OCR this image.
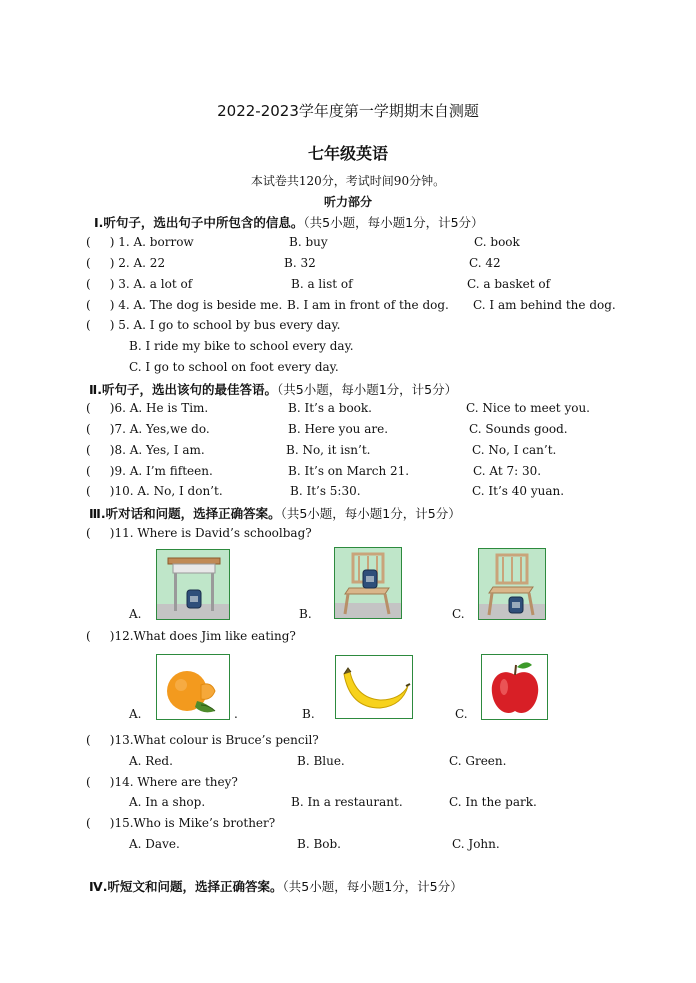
2022-2023学年度第一学期期末自测题
七年级英语
本试卷共120分，考试时间90分钟。
听力部分
Ⅰ.听句子，选出句子中所包含的信息。（共5小题，每小题1分，计5分）
(     ) 1. A. borrow	B. buy	C. book
(     ) 2. A. 22	B. 32	C. 42
(     ) 3. A. a lot of	B. a list of	C. a basket of
(     ) 4. A. The dog is beside me. B. I am in front of the dog. C. I am behind the dog.
(     ) 5. A. I go to school by bus every day.
B. I ride my bike to school every day.
C. I go to school on foot every day.
Ⅱ.听句子，选出该句的最佳答语。（共5小题，每小题1分，计5分）
(     )6. A. He is Tim.	B. It’s a book.	C. Nice to meet you.
(     )7. A. Yes,we do.	B. Here you are.	C. Sounds good.
(     )8. A. Yes, I am.	B. No, it isn’t.	C. No, I can’t.
(     )9. A. I’m fifteen.	B. It’s on March 21.	C. At 7: 30.
(     )10. A. No, I don’t.	B. It’s 5:30.	C. It’s 40 yuan.
Ⅲ.听对话和问题，选择正确答案。（共5小题，每小题1分，计5分）
(     )11. Where is David’s schoolbag?
A.	B.	C.
(     )12.What does Jim like eating?
A.	.	B.	C.
(     )13.What colour is Bruce’s pencil?
A. Red.	B. Blue.	C. Green.
(     )14. Where are they?
A. In a shop.	B. In a restaurant.	C. In the park.
(     )15.Who is Mike’s brother?
A. Dave.	B. Bob.	C. John.
Ⅳ.听短文和问题，选择正确答案。（共5小题，每小题1分，计5分）
